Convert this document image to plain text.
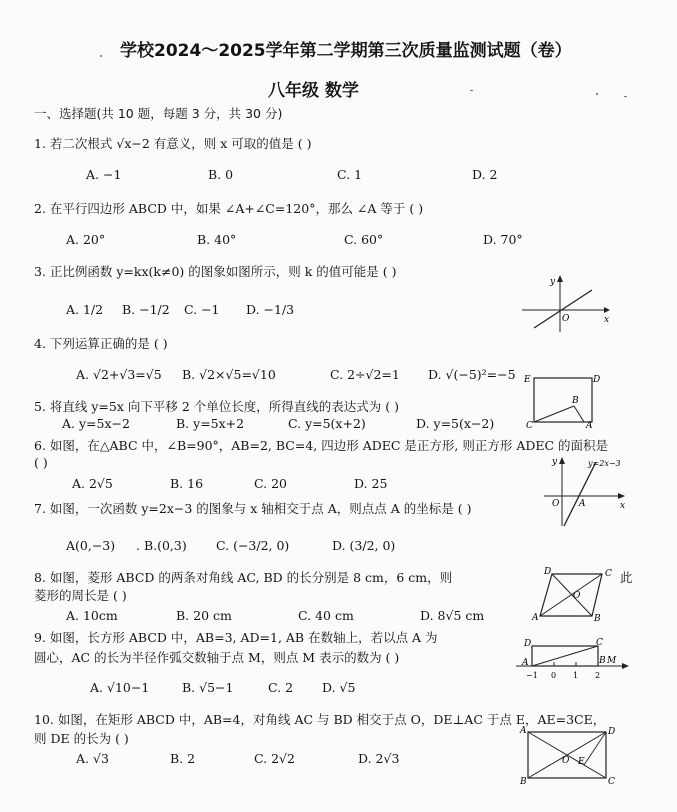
学校2024～2025学年第二学期第三次质量监测试题（卷）
八年级 数学
一、选择题(共 10 题，每题 3 分，共 30 分)
1. 若二次根式 √x−2 有意义，则 x 可取的值是 ( )
A. −1	B. 0	C. 1	D. 2
2. 在平行四边形 ABCD 中，如果 ∠A+∠C=120°，那么 ∠A 等于 ( )
A. 20°	B. 40°	C. 60°	D. 70°
3. 正比例函数 y=kx(k≠0) 的图象如图所示，则 k 的值可能是 ( )
A. 1/2 B. −1/2 C. −1 D. −1/3
y
x
O
4. 下列运算正确的是 ( )
A. √2+√3=√5 B. √2×√5=√10	C. 2÷√2=1 D. √(−5)²=−5 E	D
B
C	A
5. 将直线 y=5x 向下平移 2 个单位长度，所得直线的表达式为 ( )
A. y=5x−2	B. y=5x+2	C. y=5(x+2)	D. y=5(x−2)
6. 如图，在△ABC 中，∠B=90°，AB=2, BC=4, 四边形 ADEC 是正方形, 则正方形 ADEC 的面积是
( )
A. 2√5	B. 16	C. 20	D. 25
y	y=2x−3
O A	x
7. 如图，一次函数 y=2x−3 的图象与 x 轴相交于点 A，则点点 A 的坐标是 ( )
A(0,−3) . B.(0,3) C. (−3/2, 0)	D. (3/2, 0)
8. 如图，菱形 ABCD 的两条对角线 AC, BD 的长分别是 8 cm，6 cm，则	此
菱形的周长是 ( )
A. 10cm	B. 20 cm	C. 40 cm	D. 8√5 cm
D	C
O
A	B
9. 如图，长方形 ABCD 中，AB=3, AD=1, AB 在数轴上，若以点 A 为
圆心，AC 的长为半径作弧交数轴于点 M，则点 M 表示的数为 ( )
A. √10−1	B. √5−1	C. 2 D. √5
D	C
A	B M
−1 0 1 2
10. 如图，在矩形 ABCD 中，AB=4，对角线 AC 与 BD 相交于点 O，DE⊥AC 于点 E，AE=3CE，
则 DE 的长为 ( )
A. √3	B. 2	C. 2√2	D. 2√3
A	D
O E
B	C
